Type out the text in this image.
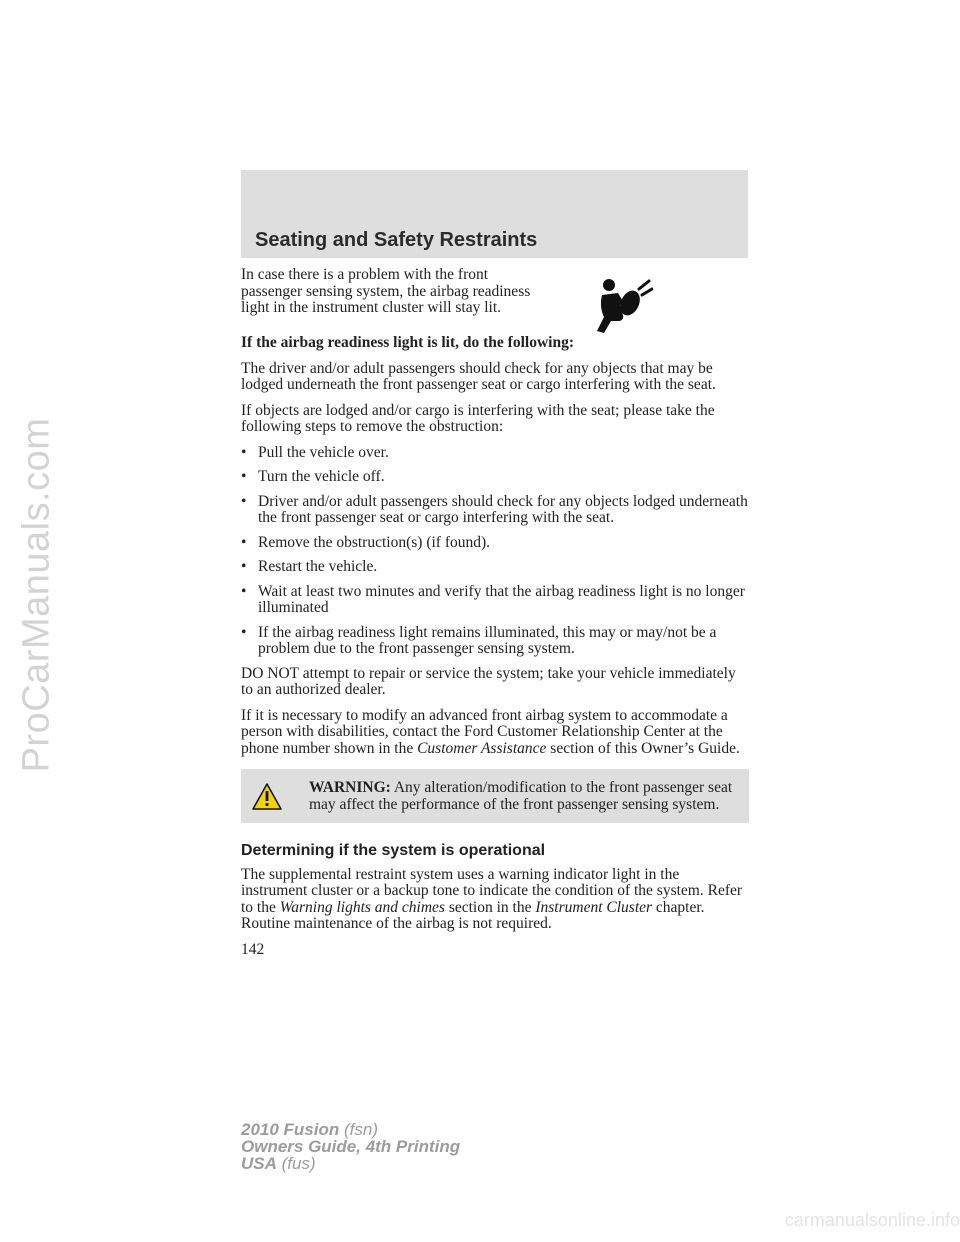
ProCarManuals.com
Seating and Safety Restraints

In case there is a problem with the front passenger sensing system, the airbag readiness light in the instrument cluster will stay lit.

If the airbag readiness light is lit, do the following:

The driver and/or adult passengers should check for any objects that may be lodged underneath the front passenger seat or cargo interfering with the seat.

If objects are lodged and/or cargo is interfering with the seat; please take the following steps to remove the obstruction:

• Pull the vehicle over.
• Turn the vehicle off.
• Driver and/or adult passengers should check for any objects lodged underneath the front passenger seat or cargo interfering with the seat.
• Remove the obstruction(s) (if found).
• Restart the vehicle.
• Wait at least two minutes and verify that the airbag readiness light is no longer illuminated
• If the airbag readiness light remains illuminated, this may or may/not be a problem due to the front passenger sensing system.

DO NOT attempt to repair or service the system; take your vehicle immediately to an authorized dealer.

If it is necessary to modify an advanced front airbag system to accommodate a person with disabilities, contact the Ford Customer Relationship Center at the phone number shown in the Customer Assistance section of this Owner’s Guide.

WARNING: Any alteration/modification to the front passenger seat may affect the performance of the front passenger sensing system.
Determining if the system is operational

The supplemental restraint system uses a warning indicator light in the instrument cluster or a backup tone to indicate the condition of the system. Refer to the Warning lights and chimes section in the Instrument Cluster chapter. Routine maintenance of the airbag is not required.

142
2010 Fusion (fsn)
Owners Guide, 4th Printing
USA (fus)
carmanualsonline.info
